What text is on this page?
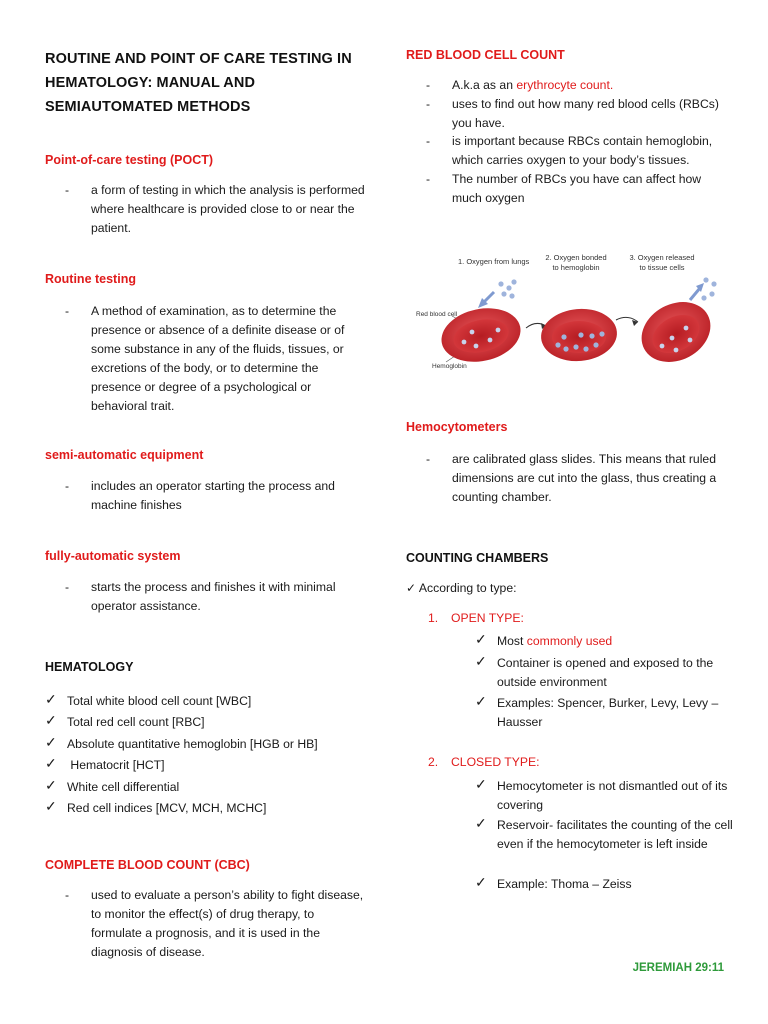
ROUTINE AND POINT OF CARE TESTING IN HEMATOLOGY: MANUAL AND SEMIAUTOMATED METHODS
Point-of-care testing (POCT)
- a form of testing in which the analysis is performed where healthcare is provided close to or near the patient.
Routine testing
- A method of examination, as to determine the presence or absence of a definite disease or of some substance in any of the fluids, tissues, or excretions of the body, or to determine the presence or degree of a psychological or behavioral trait.
semi-automatic equipment
- includes an operator starting the process and machine finishes
fully-automatic system
- starts the process and finishes it with minimal operator assistance.
HEMATOLOGY
✓ Total white blood cell count [WBC]
✓ Total red cell count [RBC]
✓ Absolute quantitative hemoglobin [HGB or HB]
✓ Hematocrit [HCT]
✓ White cell differential
✓ Red cell indices [MCV, MCH, MCHC]
COMPLETE BLOOD COUNT (CBC)
- used to evaluate a person’s ability to fight disease, to monitor the effect(s) of drug therapy, to formulate a prognosis, and it is used in the diagnosis of disease.
RED BLOOD CELL COUNT
- A.k.a as an erythrocyte count.
- uses to find out how many red blood cells (RBCs) you have.
- is important because RBCs contain hemoglobin, which carries oxygen to your body’s tissues.
- The number of RBCs you have can affect how much oxygen
Hemocytometers
- are calibrated glass slides. This means that ruled dimensions are cut into the glass, thus creating a counting chamber.
COUNTING CHAMBERS
✓ According to type:
1. OPEN TYPE:
✓ Most commonly used
✓ Container is opened and exposed to the outside environment
✓ Examples: Spencer, Burker, Levy, Levy – Hausser
2. CLOSED TYPE:
✓ Hemocytometer is not dismantled out of its covering
✓ Reservoir- facilitates the counting of the cell even if the hemocytometer is left inside
✓ Example: Thoma – Zeiss
1. Oxygen from lungs 2. Oxygen bonded
to hemoglobin
3. Oxygen released
to tissue cells
Red blood cell
Hemoglobin
JEREMIAH 29:11
